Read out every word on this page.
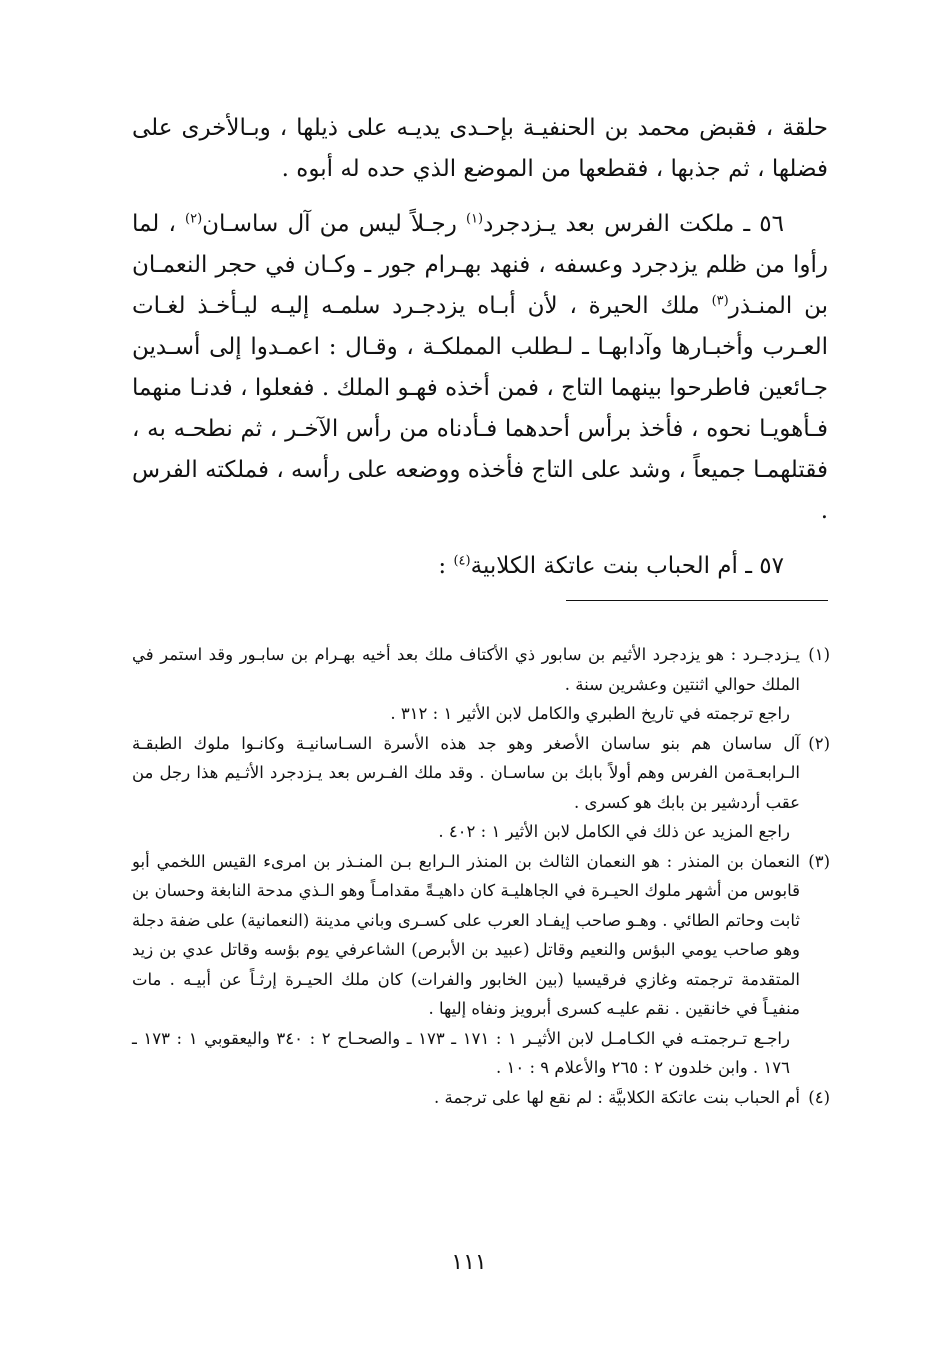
حلقة ، فقبض محمد بن الحنفيـة بإحـدى يديـه على ذيلها ، وبـالأخرى على فضلها ، ثم جذبها ، فقطعها من الموضع الذي حده له أبوه .

٥٦ ـ ملكت الفرس بعد يـزدجرد$^{(١)}$ رجـلاً ليس من آل ساسـان$^{(٢)}$ ، لما رأوا من ظلم يزدجرد وعسفه ، فنهد بهـرام جور ـ وكـان في حجر النعمـان بن المنـذر$^{(٣)}$ ملك الحيرة ، لأن أبـاه يزدجـرد سلمـه إليـه ليـأخـذ لغـات العـرب وأخبـارها وآدابهـا ـ لـطلب المملكـة ، وقـال : اعمـدوا إلى أسـدين جـائعين فاطرحوا بينهما التاج ، فمن أخذه فهـو الملك . ففعلوا ، فدنـا منهما فـأهويـا نحوه ، فأخذ برأس أحدهما فـأدناه من رأس الآخـر ، ثم نطحـه به ، فقتلهمـا جميعاً ، وشد على التاج فأخذه ووضعه على رأسه ، فملكته الفرس .

٥٧ ـ أم الحباب بنت عاتكة الكلابية$^{(٤)}$ :

(١)
يـزدجـرد : هو يزدجرد الأثيم بن سابور ذي الأكتاف ملك بعد أخيه بهـرام بن سابـور وقد استمر في الملك حوالي اثنتين وعشرين سنة .
راجع ترجمته في تاريخ الطبري والكامل لابن الأثير ١ : ٣١٢ .
(٢)
آل ساسان هم بنو ساسان الأصغر وهو جد هذه الأسرة السـاسانيـة وكانـوا ملوك الطبقـة الـرابعـةمن الفرس وهم أولاً بابك بن ساسـان . وقد ملك الفـرس بعد يـزدجرد الأثـيم هذا رجل من عقب أردشير بن بابك هو كسرى .
راجع المزيد عن ذلك في الكامل لابن الأثير ١ : ٤٠٢ .
(٣)
النعمان بن المنذر : هو النعمان الثالث بن المنذر الـرابع بـن المنـذر بن امرىء القيس اللخمي أبو قابوس من أشهر ملوك الحيـرة في الجاهليـة كان داهيـةً مقدامـاً وهو الـذي مدحة النابغة وحسان بن ثابت وحاتم الطائي . وهـو صاحب إيفـاد العرب على كسـرى وباني مدينة (النعمانية) على ضفة دجلة وهو صاحب يومي البؤس والنعيم وقاتل (عبيد بن الأبرص) الشاعرفي يوم بؤسه وقاتل عدي بن زيد المتقدمة ترجمته وغازي فرقيسيا (بين الخابور والفرات) كان ملك الحيـرة إرثـاً عن أبيـه . مات منفيـاً في خانقين . نقم عليـه كسرى أبرويز ونفاه إليها .
راجـع تـرجمتـه في الكـامـل لابن الأثيـر ١ : ١٧١ ـ ١٧٣ ـ والصحـاح ٢ : ٣٤٠ واليعقوبي ١ : ١٧٣ ـ ١٧٦ . وابن خلدون ٢ : ٢٦٥ والأعلام ٩ : ١٠ .
(٤)
أم الحباب بنت عاتكة الكلابيَّة : لم نقع لها على ترجمة .
١١١
